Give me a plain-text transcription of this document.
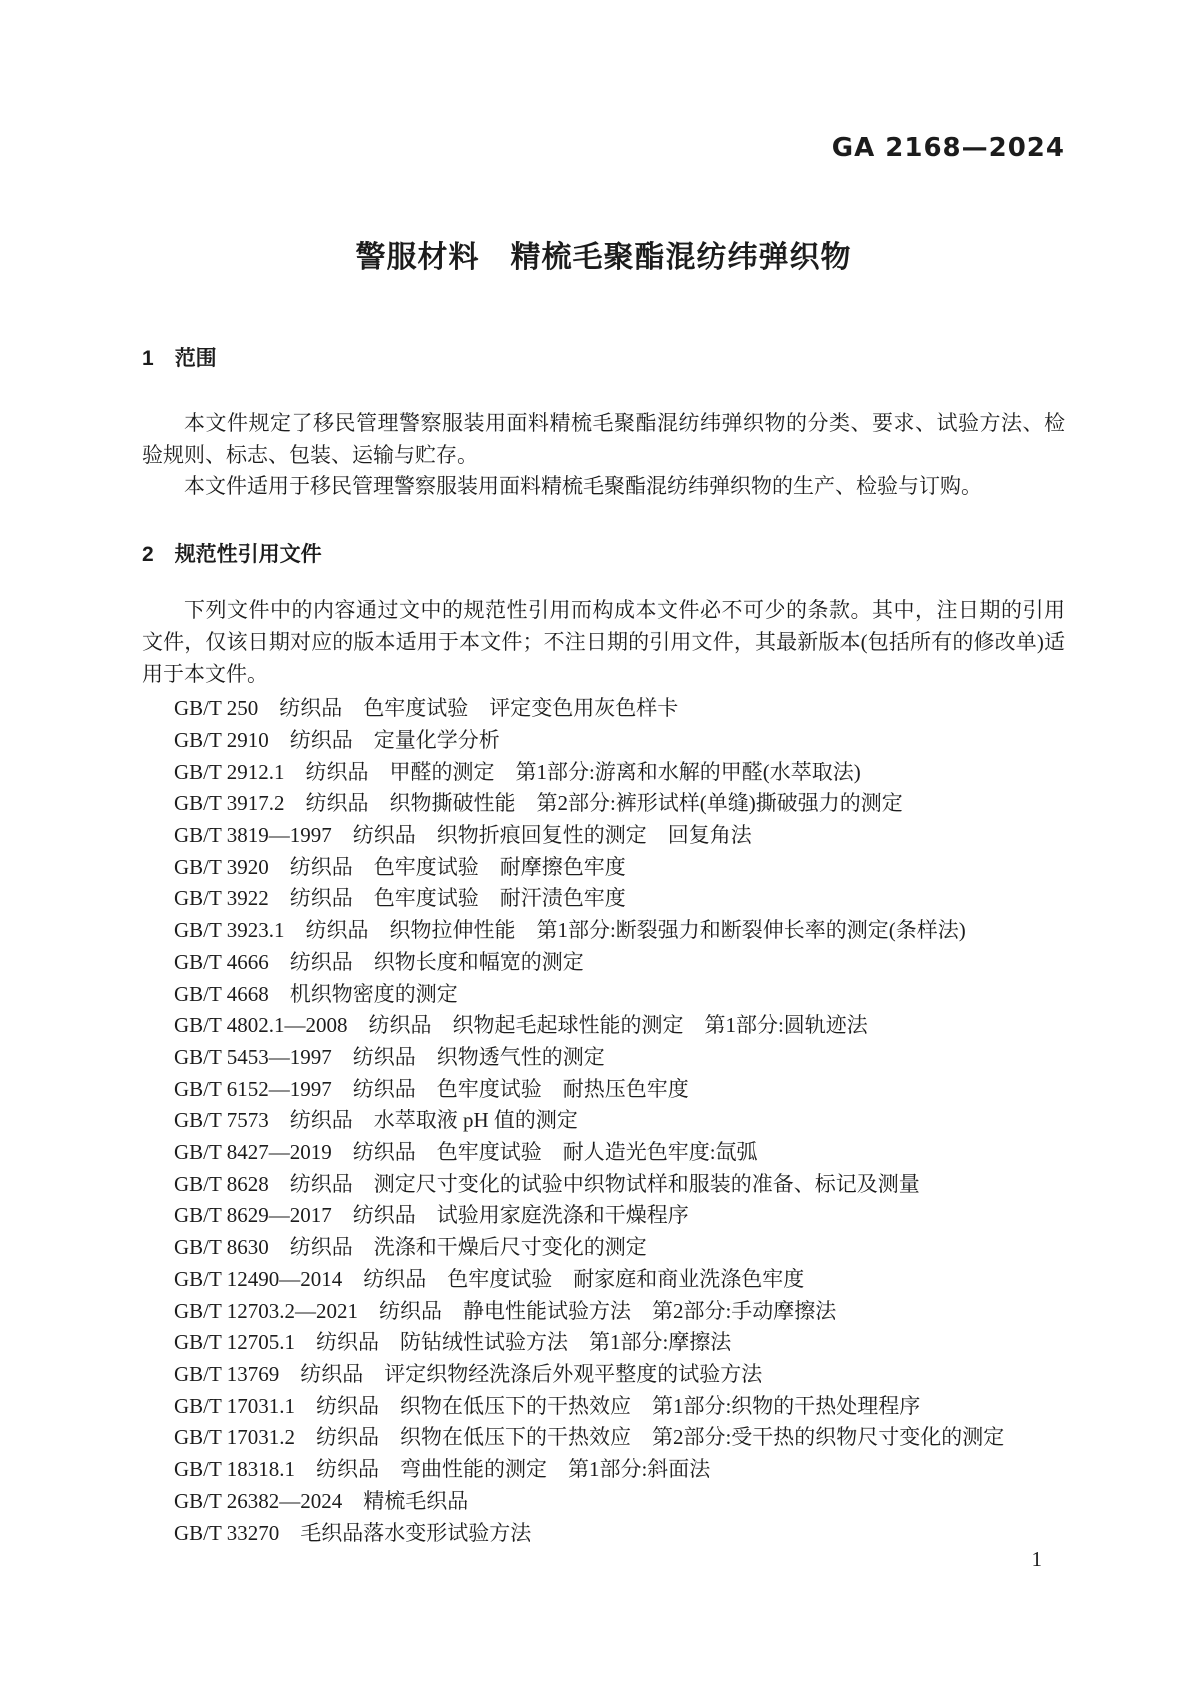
GA 2168—2024
警服材料　精梳毛聚酯混纺纬弹织物
1 范围

本文件规定了移民管理警察服装用面料精梳毛聚酯混纺纬弹织物的分类、要求、试验方法、检验规则、标志、包装、运输与贮存。

本文件适用于移民管理警察服装用面料精梳毛聚酯混纺纬弹织物的生产、检验与订购。

2 规范性引用文件

下列文件中的内容通过文中的规范性引用而构成本文件必不可少的条款。其中，注日期的引用文件，仅该日期对应的版本适用于本文件；不注日期的引用文件，其最新版本(包括所有的修改单)适用于本文件。

GB/T 250　纺织品　色牢度试验　评定变色用灰色样卡
GB/T 2910　纺织品　定量化学分析
GB/T 2912.1　纺织品　甲醛的测定　第1部分:游离和水解的甲醛(水萃取法)
GB/T 3917.2　纺织品　织物撕破性能　第2部分:裤形试样(单缝)撕破强力的测定
GB/T 3819—1997　纺织品　织物折痕回复性的测定　回复角法
GB/T 3920　纺织品　色牢度试验　耐摩擦色牢度
GB/T 3922　纺织品　色牢度试验　耐汗渍色牢度
GB/T 3923.1　纺织品　织物拉伸性能　第1部分:断裂强力和断裂伸长率的测定(条样法)
GB/T 4666　纺织品　织物长度和幅宽的测定
GB/T 4668　机织物密度的测定
GB/T 4802.1—2008　纺织品　织物起毛起球性能的测定　第1部分:圆轨迹法
GB/T 5453—1997　纺织品　织物透气性的测定
GB/T 6152—1997　纺织品　色牢度试验　耐热压色牢度
GB/T 7573　纺织品　水萃取液 pH 值的测定
GB/T 8427—2019　纺织品　色牢度试验　耐人造光色牢度:氙弧
GB/T 8628　纺织品　测定尺寸变化的试验中织物试样和服装的准备、标记及测量
GB/T 8629—2017　纺织品　试验用家庭洗涤和干燥程序
GB/T 8630　纺织品　洗涤和干燥后尺寸变化的测定
GB/T 12490—2014　纺织品　色牢度试验　耐家庭和商业洗涤色牢度
GB/T 12703.2—2021　纺织品　静电性能试验方法　第2部分:手动摩擦法
GB/T 12705.1　纺织品　防钻绒性试验方法　第1部分:摩擦法
GB/T 13769　纺织品　评定织物经洗涤后外观平整度的试验方法
GB/T 17031.1　纺织品　织物在低压下的干热效应　第1部分:织物的干热处理程序
GB/T 17031.2　纺织品　织物在低压下的干热效应　第2部分:受干热的织物尺寸变化的测定
GB/T 18318.1　纺织品　弯曲性能的测定　第1部分:斜面法
GB/T 26382—2024　精梳毛织品
GB/T 33270　毛织品落水变形试验方法
1
